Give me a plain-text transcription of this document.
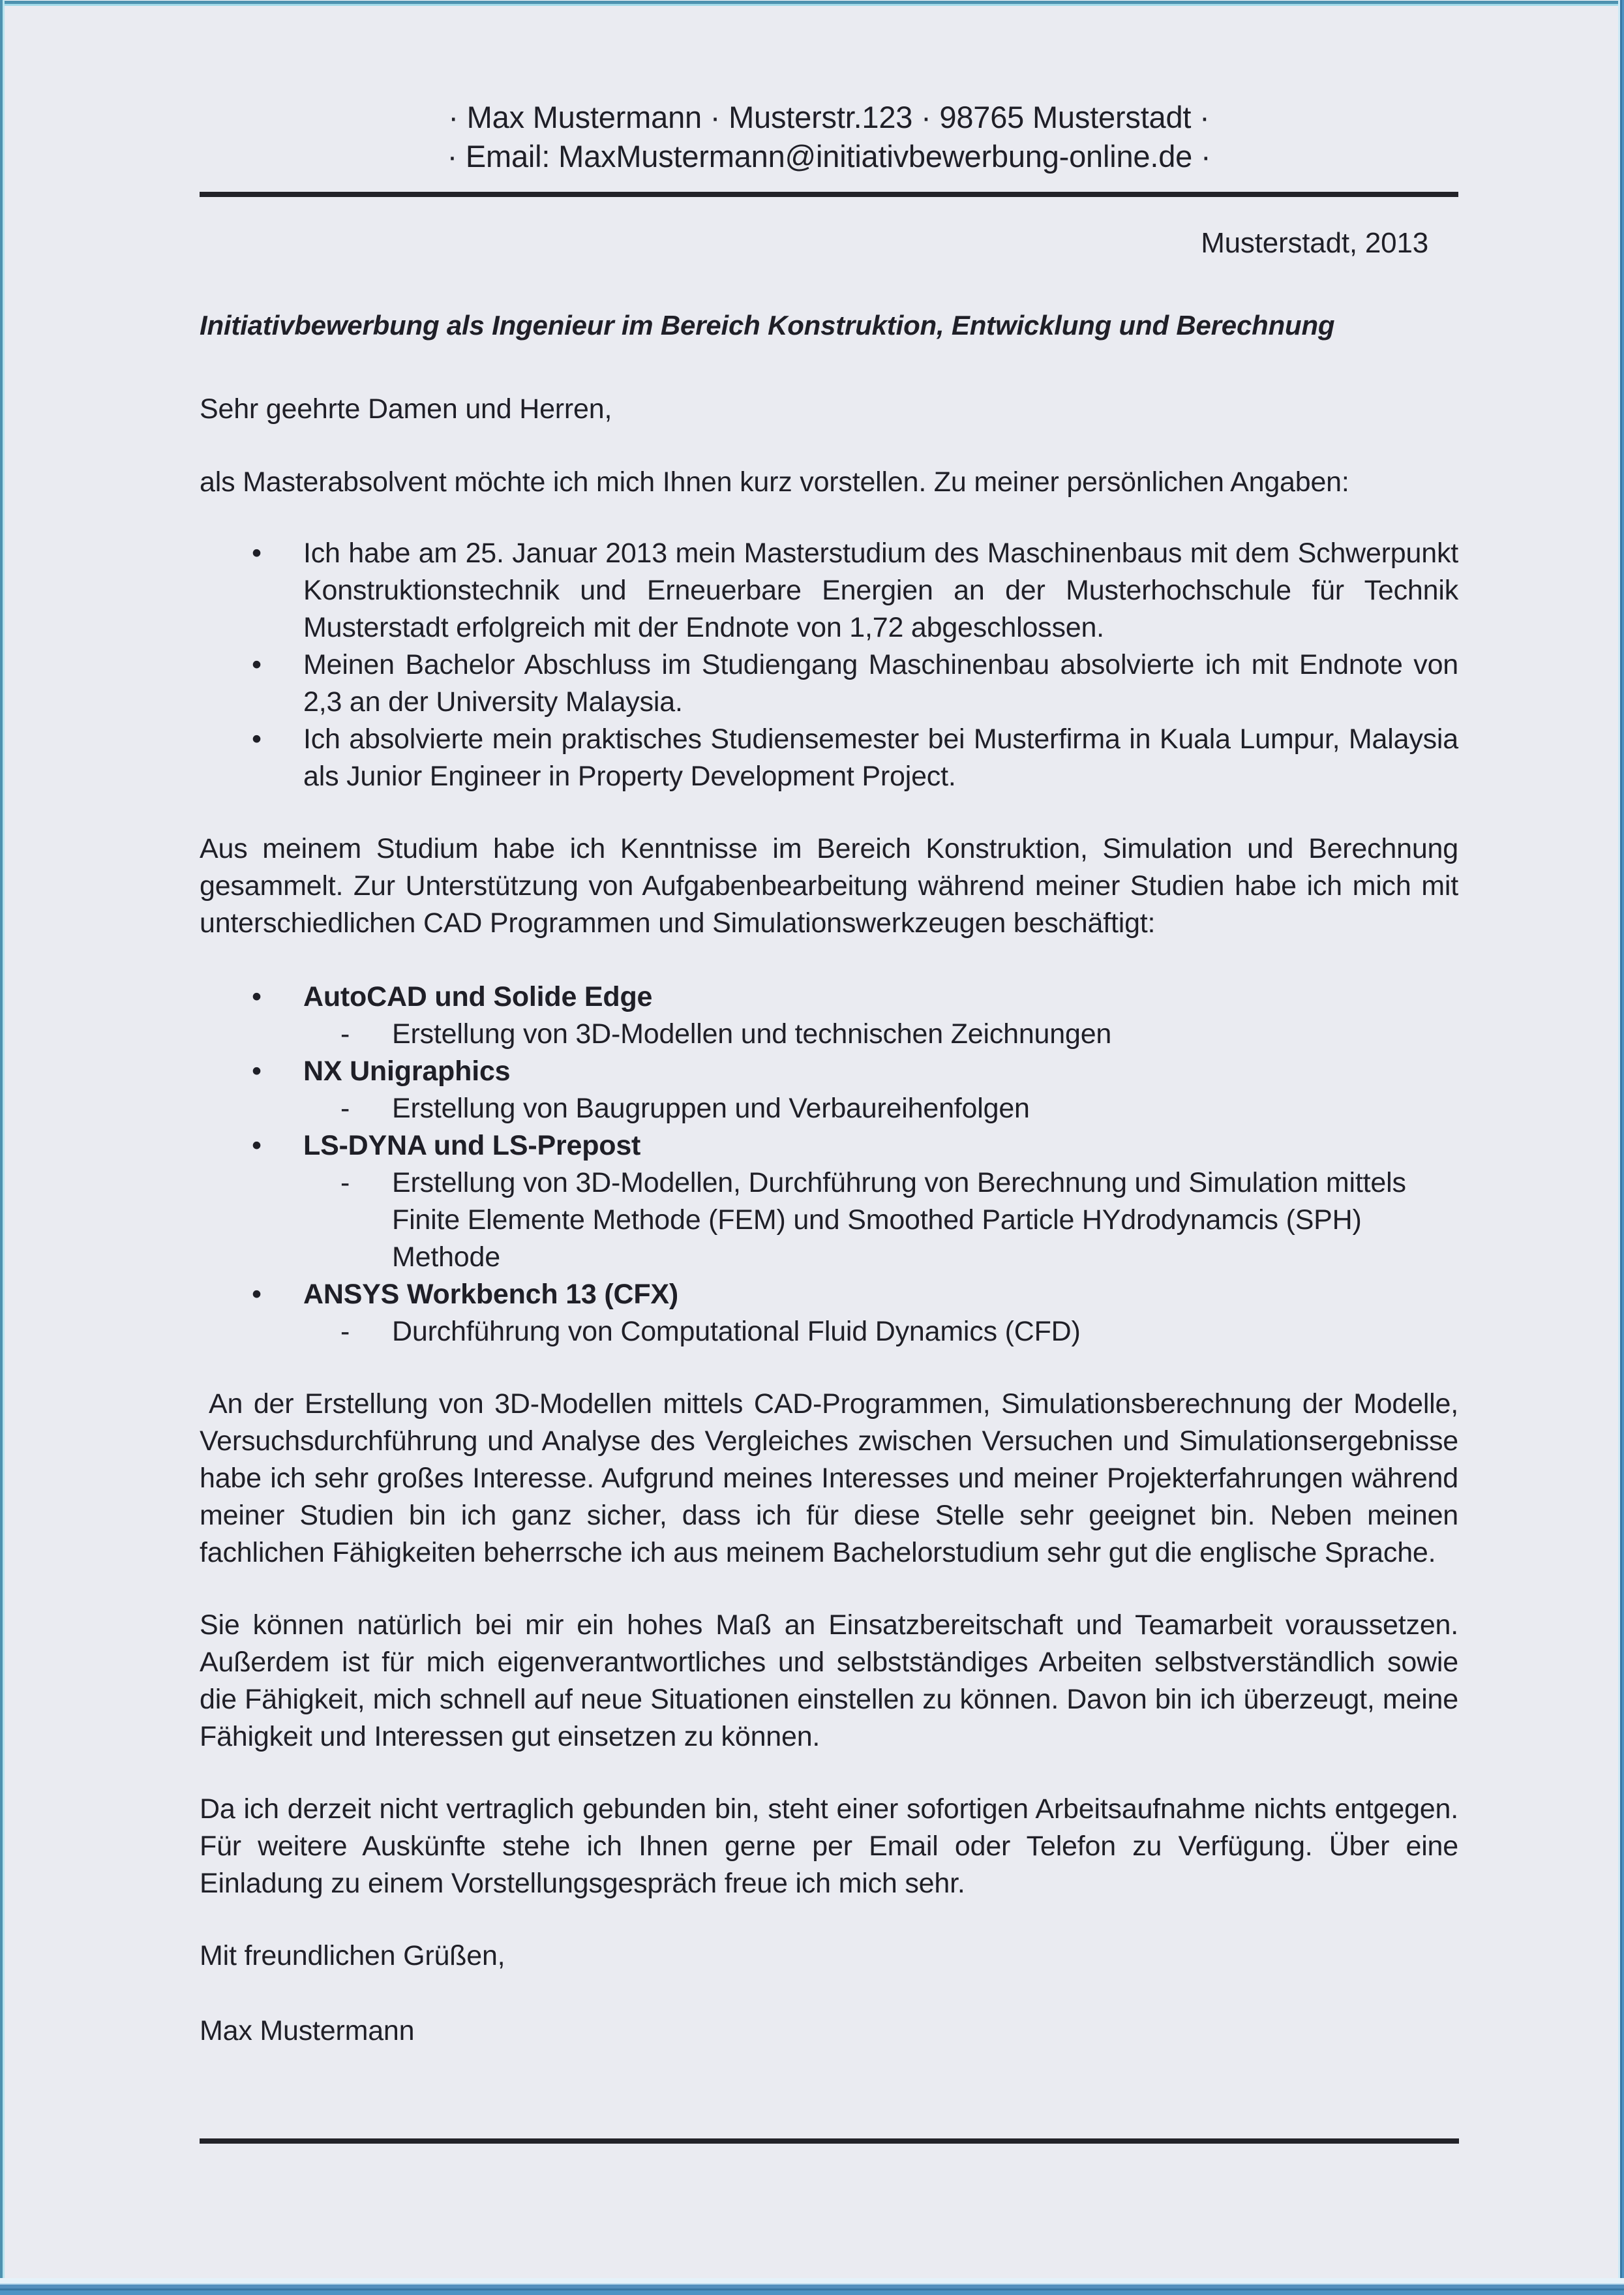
· Max Mustermann · Musterstr.123 · 98765 Musterstadt ·
· Email: MaxMustermann@initiativbewerbung-online.de ·
Musterstadt, 2013
Initiativbewerbung als Ingenieur im Bereich Konstruktion, Entwicklung und Berechnung
Sehr geehrte Damen und Herren,
als Masterabsolvent möchte ich mich Ihnen kurz vorstellen. Zu meiner persönlichen Angaben:
•	Ich habe am 25. Januar 2013 mein Masterstudium des Maschinenbaus mit dem Schwerpunkt Konstruktionstechnik und Erneuerbare Energien an der Musterhochschule für Technik Musterstadt erfolgreich mit der Endnote von 1,72 abgeschlossen.
•	Meinen Bachelor Abschluss im Studiengang Maschinenbau absolvierte ich mit Endnote von 2,3 an der University Malaysia.
•	Ich absolvierte mein praktisches Studiensemester bei Musterfirma in Kuala Lumpur, Malaysia als Junior Engineer in Property Development Project.
Aus meinem Studium habe ich Kenntnisse im Bereich Konstruktion, Simulation und Berechnung gesammelt. Zur Unterstützung von Aufgabenbearbeitung während meiner Studien habe ich mich mit unterschiedlichen CAD Programmen und Simulationswerkzeugen beschäftigt:
•	AutoCAD und Solide Edge
-	Erstellung von 3D-Modellen und technischen Zeichnungen
•	NX Unigraphics
-	Erstellung von Baugruppen und Verbaureihenfolgen
•	LS-DYNA und LS-Prepost
-	Erstellung von 3D-Modellen, Durchführung von Berechnung und Simulation mittels Finite Elemente Methode (FEM) und Smoothed Particle HYdrodynamcis (SPH) Methode
•	ANSYS Workbench 13 (CFX)
-	Durchführung von Computational Fluid Dynamics (CFD)
An der Erstellung von 3D-Modellen mittels CAD-Programmen, Simulationsberechnung der Modelle, Versuchsdurchführung und Analyse des Vergleiches zwischen Versuchen und Simulationsergebnisse habe ich sehr großes Interesse. Aufgrund meines Interesses und meiner Projekterfahrungen während meiner Studien bin ich ganz sicher, dass ich für diese Stelle sehr geeignet bin. Neben meinen fachlichen Fähigkeiten beherrsche ich aus meinem Bachelorstudium sehr gut die englische Sprache.
Sie können natürlich bei mir ein hohes Maß an Einsatzbereitschaft und Teamarbeit voraussetzen. Außerdem ist für mich eigenverantwortliches und selbstständiges Arbeiten selbstverständlich sowie die Fähigkeit, mich schnell auf neue Situationen einstellen zu können. Davon bin ich überzeugt, meine Fähigkeit und Interessen gut einsetzen zu können.
Da ich derzeit nicht vertraglich gebunden bin, steht einer sofortigen Arbeitsaufnahme nichts entgegen. Für weitere Auskünfte stehe ich Ihnen gerne per Email oder Telefon zu Verfügung. Über eine Einladung zu einem Vorstellungsgespräch freue ich mich sehr.
Mit freundlichen Grüßen,
Max Mustermann
